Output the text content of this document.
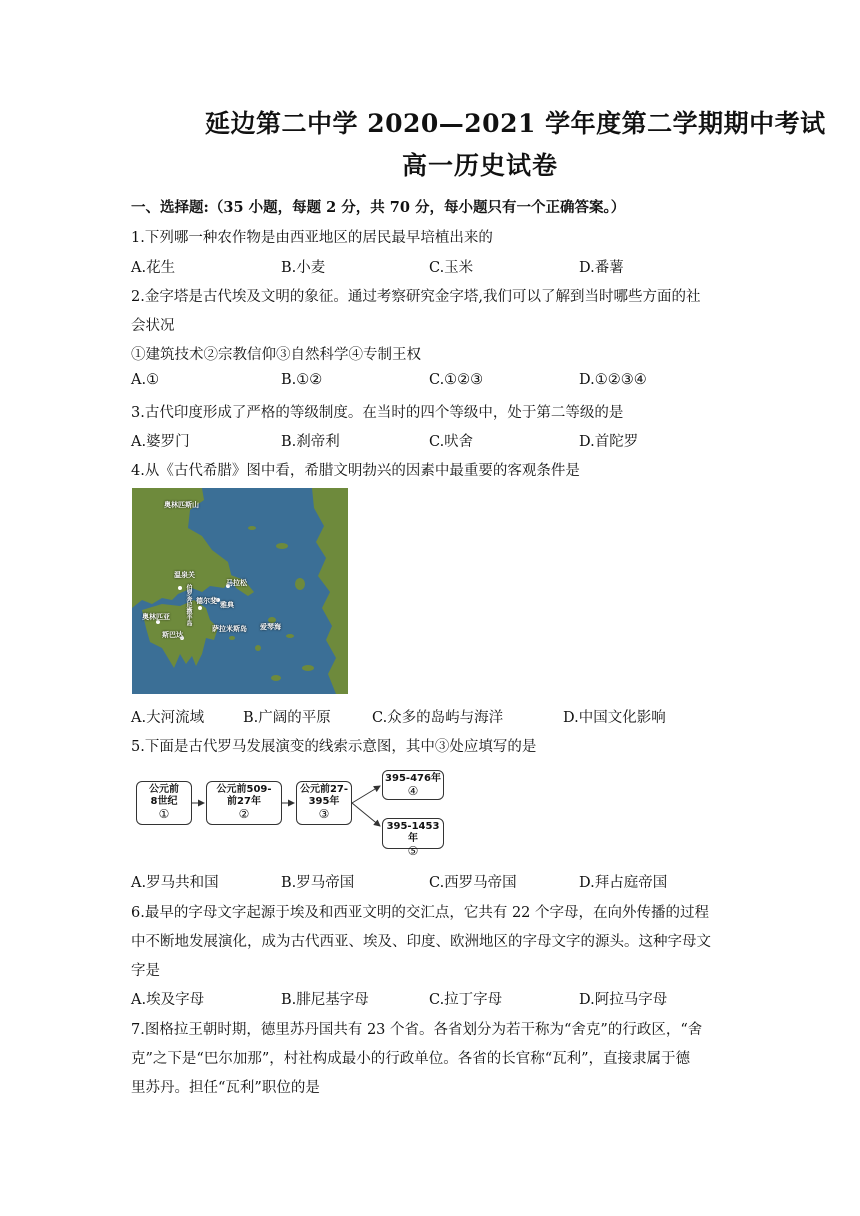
延边第二中学 2020—2021 学年度第二学期期中考试
高一历史试卷
一、选择题:（35 小题，每题 2 分，共 70 分，每小题只有一个正确答案。）
1.下列哪一种农作物是由西亚地区的居民最早培植出来的
A.花生	B.小麦	C.玉米	D.番薯
2.金字塔是古代埃及文明的象征。通过考察研究金字塔,我们可以了解到当时哪些方面的社
会状况
①建筑技术②宗教信仰③自然科学④专制王权
A.①	B.①②	C.①②③	D.①②③④
3.古代印度形成了严格的等级制度。在当时的四个等级中，处于第二等级的是
A.婆罗门	B.刹帝利	C.吠舍	D.首陀罗
4.从《古代希腊》图中看，希腊文明勃兴的因素中最重要的客观条件是
奥林匹斯山
温泉关
马拉松
德尔斐 雅典
奥林匹亚
斯巴达
萨拉米斯岛 爱琴海
伯罗奔尼撒半岛
A.大河流域	B.广阔的平原	C.众多的岛屿与海洋	D.中国文化影响
5.下面是古代罗马发展演变的线索示意图，其中③处应填写的是
公元前
8世纪
①
公元前509-
前27年
②
公元前27-
395年
③
395-476年
④
395-1453年
⑤
A.罗马共和国	B.罗马帝国	C.西罗马帝国	D.拜占庭帝国
6.最早的字母文字起源于埃及和西亚文明的交汇点，它共有 22 个字母，在向外传播的过程
中不断地发展演化，成为古代西亚、埃及、印度、欧洲地区的字母文字的源头。这种字母文
字是
A.埃及字母	B.腓尼基字母	C.拉丁字母	D.阿拉马字母
7.图格拉王朝时期，德里苏丹国共有 23 个省。各省划分为若干称为“舍克”的行政区，“舍
克”之下是“巴尔加那”，村社构成最小的行政单位。各省的长官称“瓦利”，直接隶属于德
里苏丹。担任“瓦利”职位的是
